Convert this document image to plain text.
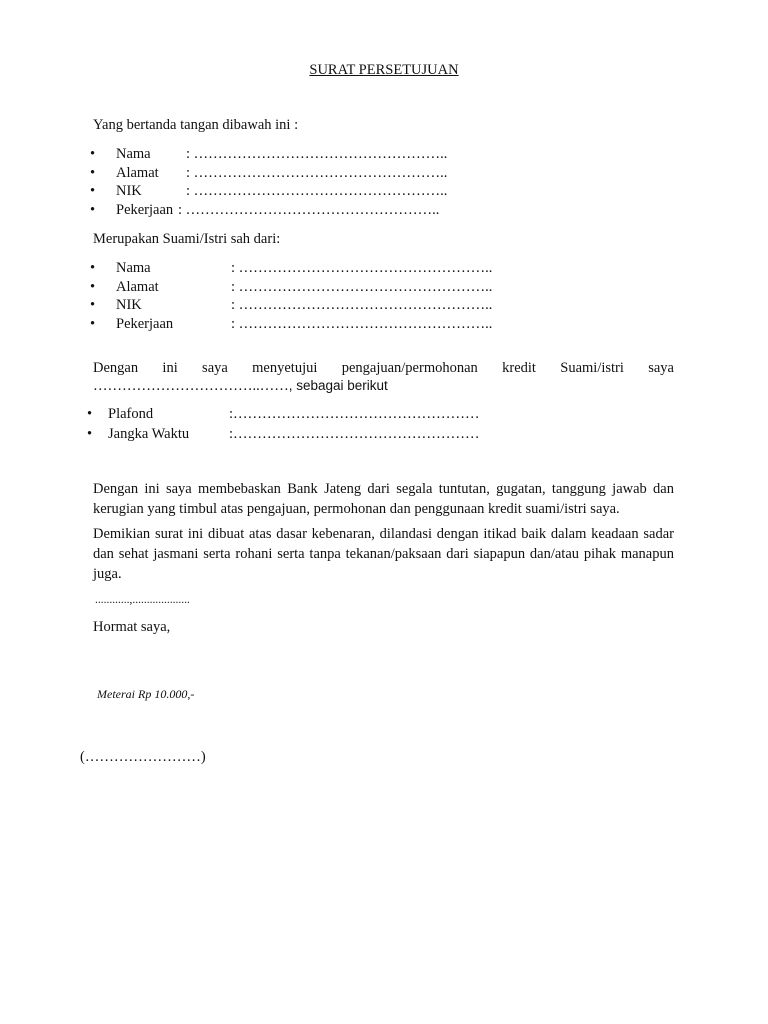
SURAT PERSETUJUAN
Yang bertanda tangan dibawah ini :
• Nama : ……………………………………………..
• Alamat : ……………………………………………..
• NIK	: ……………………………………………..
• Pekerjaan : ……………………………………………..
Merupakan Suami/Istri sah dari:
• Nama	: ……………………………………………..
• Alamat	: ……………………………………………..
• NIK	: ……………………………………………..
• Pekerjaan	: ……………………………………………..
Dengan ini saya menyetujui pengajuan/permohonan kredit Suami/istri saya
……………………………..……, sebagai berikut
• Plafond	:……………………………………………
• Jangka Waktu	:……………………………………………
Dengan ini saya membebaskan Bank Jateng dari segala tuntutan, gugatan, tanggung jawab dan kerugian yang timbul atas pengajuan, permohonan dan penggunaan kredit suami/istri saya.
Demikian surat ini dibuat atas dasar kebenaran, dilandasi dengan itikad baik dalam keadaan sadar dan sehat jasmani serta rohani serta tanpa tekanan/paksaan dari siapapun dan/atau pihak manapun juga.
............,....................
Hormat saya,
Meterai Rp 10.000,-
(……………………)
